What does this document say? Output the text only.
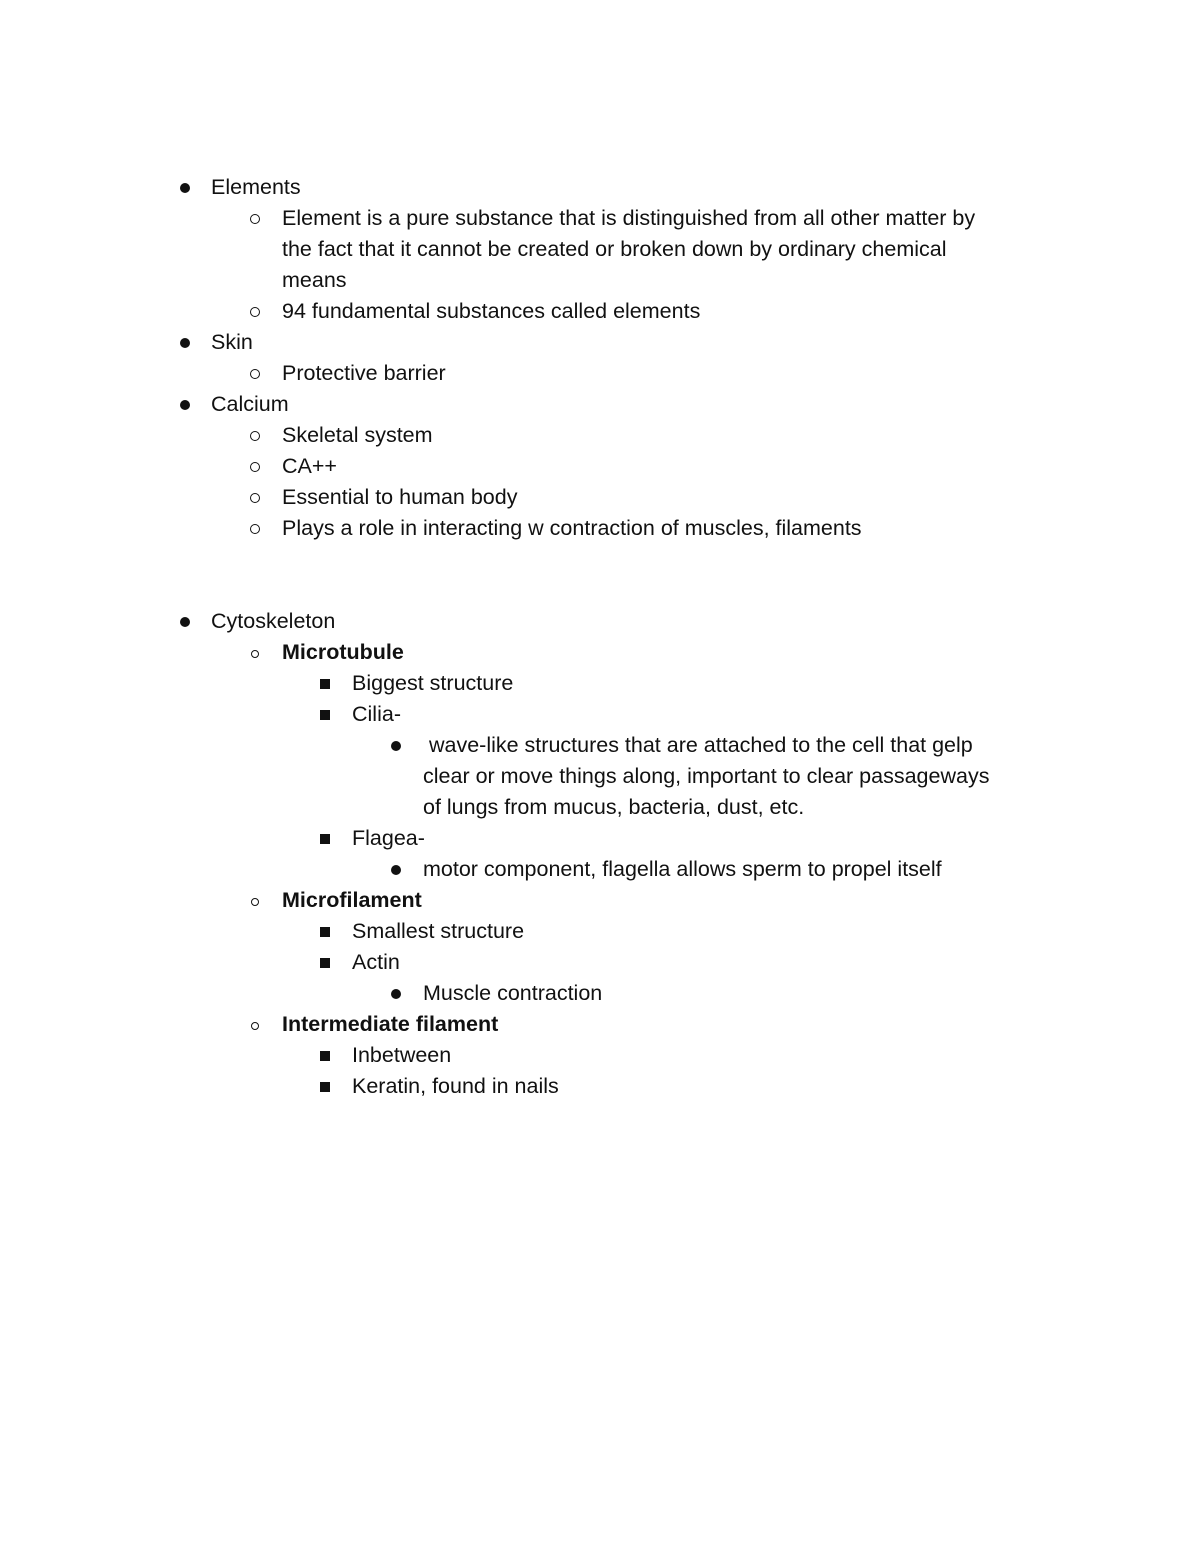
Elements
Element is a pure substance that is distinguished from all other matter by
the fact that it cannot be created or broken down by ordinary chemical
means
94 fundamental substances called elements
Skin
Protective barrier
Calcium
Skeletal system
CA++
Essential to human body
Plays a role in interacting w contraction of muscles, filaments
Cytoskeleton
Microtubule
Biggest structure
Cilia-
wave-like structures that are attached to the cell that gelp
clear or move things along, important to clear passageways
of lungs from mucus, bacteria, dust, etc.
Flagea-
motor component, flagella allows sperm to propel itself
Microfilament
Smallest structure
Actin
Muscle contraction
Intermediate filament
Inbetween
Keratin, found in nails
